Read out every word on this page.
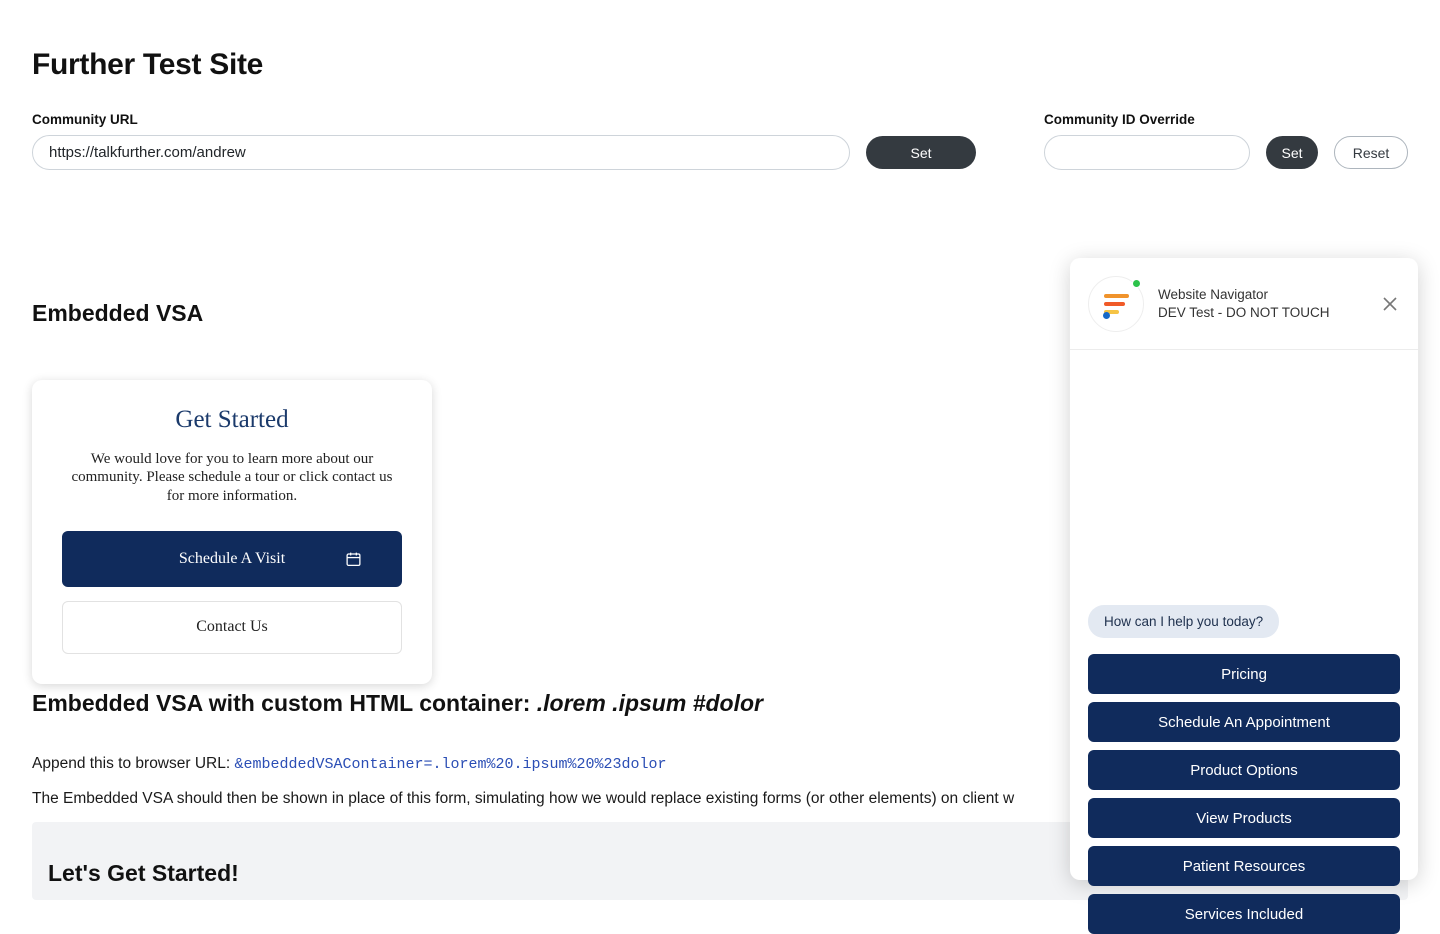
Further Test Site
Community URL
https://talkfurther.com/andrew
Set
Community ID Override
Set	Reset
Embedded VSA
Get Started

We would love for you to learn more about our community. Please schedule a tour or click contact us for more information.

Schedule A Visit
Contact Us
Embedded VSA with custom HTML container: .lorem .ipsum #dolor

Append this to browser URL: &embeddedVSAContainer=.lorem%20.ipsum%20%23dolor

The Embedded VSA should then be shown in place of this form, simulating how we would replace existing forms (or other elements) on client w

Let's Get Started!
Website Navigator
DEV Test - DO NOT TOUCH
How can I help you today?
Pricing
Schedule An Appointment
Product Options
View Products
Patient Resources
Services Included
